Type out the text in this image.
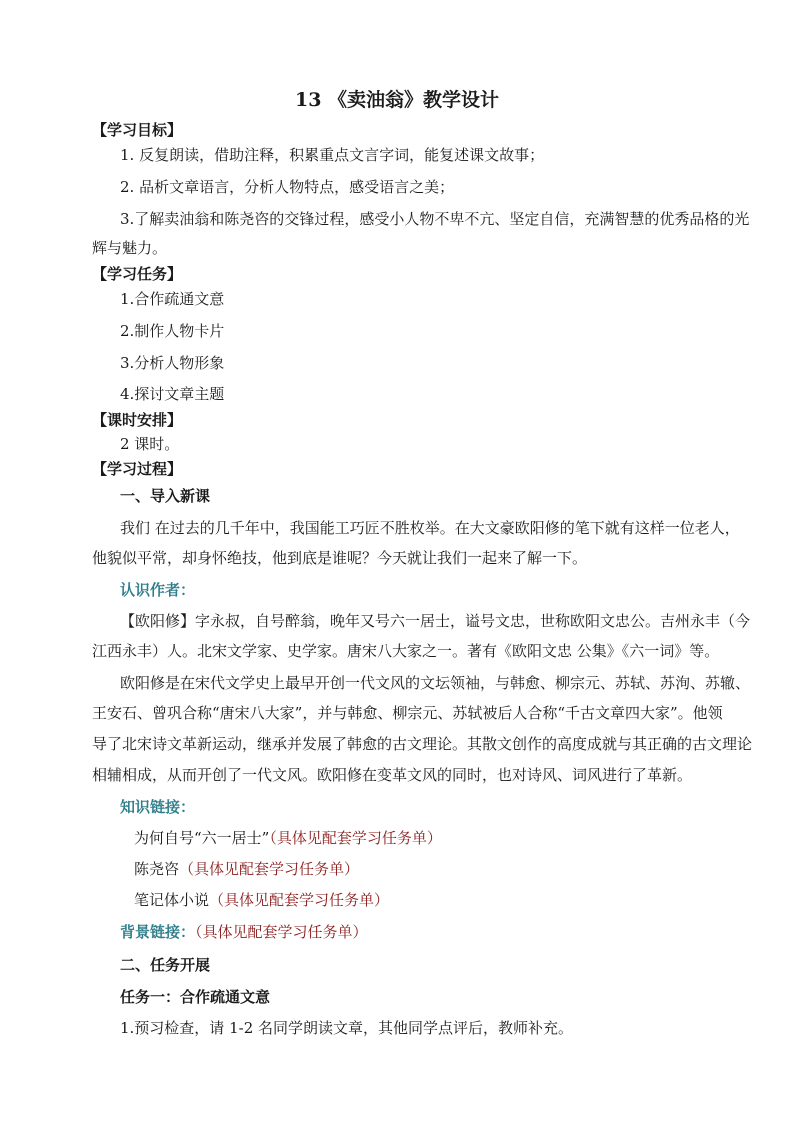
13 《卖油翁》教学设计
【学习目标】
1. 反复朗读，借助注释，积累重点文言字词，能复述课文故事；
2. 品析文章语言，分析人物特点，感受语言之美；
3.了解卖油翁和陈尧咨的交锋过程，感受小人物不卑不亢、坚定自信，充满智慧的优秀品格的光
辉与魅力。
【学习任务】
1.合作疏通文意
2.制作人物卡片
3.分析人物形象
4.探讨文章主题
【课时安排】
2 课时。
【学习过程】
一、导入新课
我们 在过去的几千年中，我国能工巧匠不胜枚举。在大文豪欧阳修的笔下就有这样一位老人，
他貌似平常，却身怀绝技，他到底是谁呢？今天就让我们一起来了解一下。
认识作者：
【欧阳修】字永叔，自号醉翁，晚年又号六一居士，谥号文忠，世称欧阳文忠公。吉州永丰（今
江西永丰）人。北宋文学家、史学家。唐宋八大家之一。著有《欧阳文忠 公集》《六一词》等。
欧阳修是在宋代文学史上最早开创一代文风的文坛领袖，与韩愈、柳宗元、苏轼、苏洵、苏辙、
王安石、曾巩合称“唐宋八大家”，并与韩愈、柳宗元、苏轼被后人合称“千古文章四大家”。他领
导了北宋诗文革新运动，继承并发展了韩愈的古文理论。其散文创作的高度成就与其正确的古文理论
相辅相成，从而开创了一代文风。欧阳修在变革文风的同时，也对诗风、词风进行了革新。
知识链接：
为何自号“六一居士”（具体见配套学习任务单）
陈尧咨（具体见配套学习任务单）
笔记体小说（具体见配套学习任务单）
背景链接：（具体见配套学习任务单）
二、任务开展
任务一：合作疏通文意
1.预习检查，请 1-2 名同学朗读文章，其他同学点评后，教师补充。
